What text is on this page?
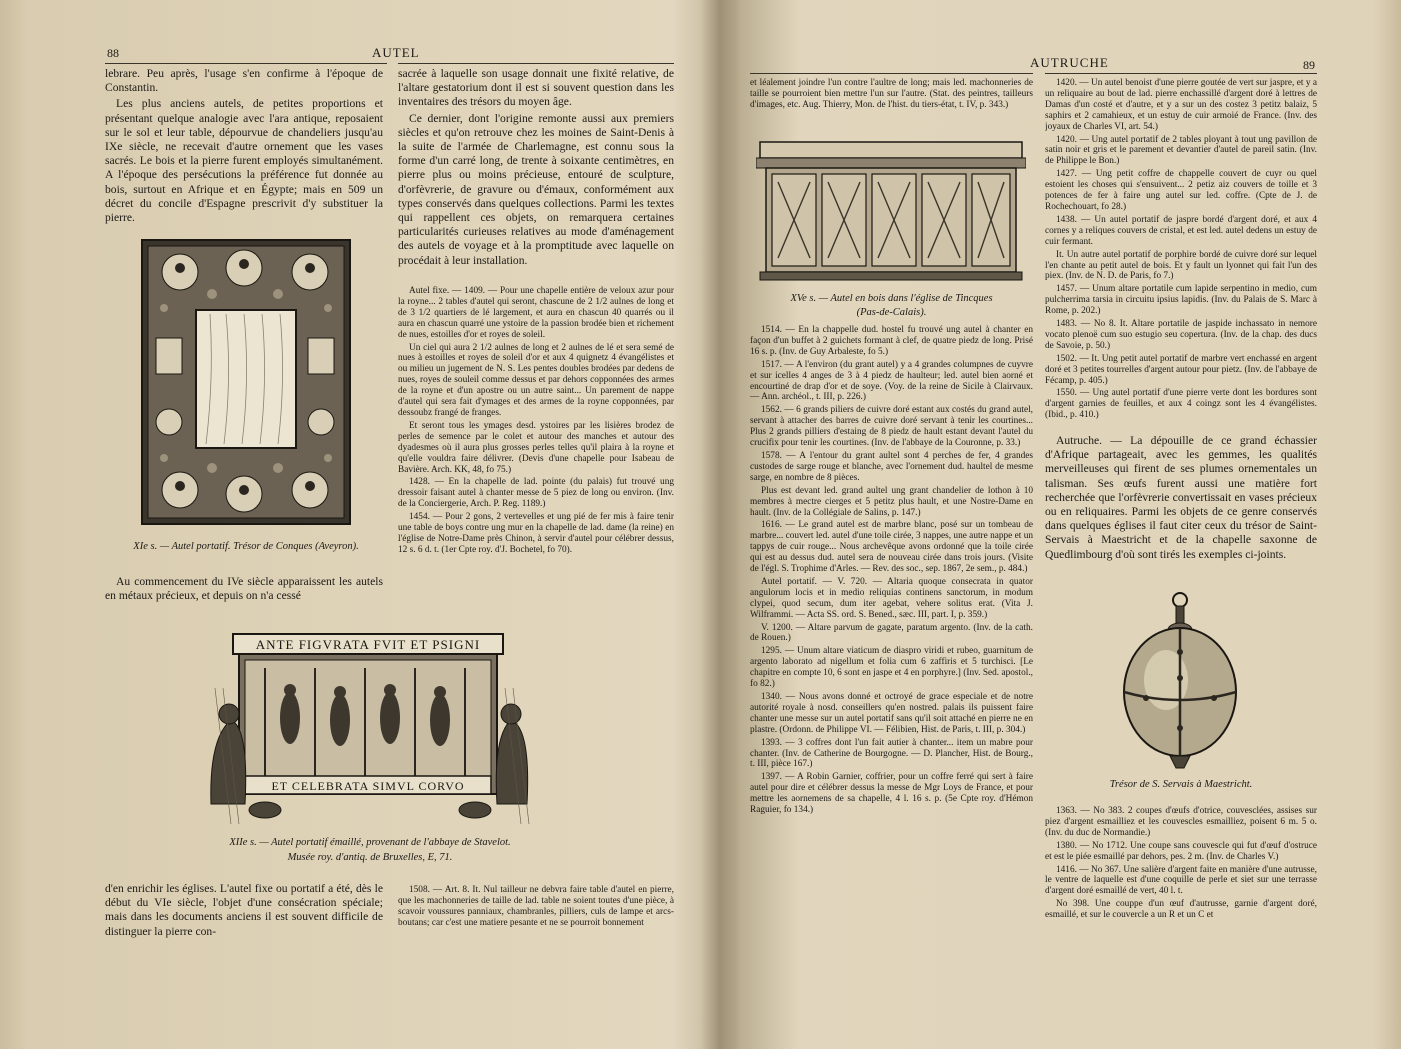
88	AUTEL

lebrare. Peu après, l'usage s'en confirme à l'époque de Constantin.

Les plus anciens autels, de petites proportions et présentant quelque analogie avec l'ara antique, reposaient sur le sol et leur table, dépourvue de chandeliers jusqu'au IXe siècle, ne recevait d'autre ornement que les vases sacrés. Le bois et la pierre furent employés simultanément. A l'époque des persécutions la préférence fut donnée au bois, surtout en Afrique et en Égypte; mais en 509 un décret du concile d'Espagne prescrivit d'y substituer la pierre.

XIe s. — Autel portatif. Trésor de Conques (Aveyron).

Au commencement du IVe siècle apparaissent les autels en métaux précieux, et depuis on n'a cessé

sacrée à laquelle son usage donnait une fixité relative, de l'altare gestatorium dont il est si souvent question dans les inventaires des trésors du moyen âge.

Ce dernier, dont l'origine remonte aussi aux premiers siècles et qu'on retrouve chez les moines de Saint-Denis à la suite de l'armée de Charlemagne, est connu sous la forme d'un carré long, de trente à soixante centimètres, en pierre plus ou moins précieuse, entouré de sculpture, d'orfèvrerie, de gravure ou d'émaux, conformément aux types conservés dans quelques collections. Parmi les textes qui rappellent ces objets, on remarquera certaines particularités curieuses relatives au mode d'aménagement des autels de voyage et à la promptitude avec laquelle on procédait à leur installation.

Autel fixe. — 1409. — Pour une chapelle entière de veloux azur pour la royne... 2 tables d'autel qui seront, chascune de 2 1/2 aulnes de long et de 3 1/2 quartiers de lé largement, et aura en chascun 40 quarrés ou il aura en chascun quarré une ystoire de la passion brodée bien et richement de nues, estoilles d'or et royes de soleil.

Un ciel qui aura 2 1/2 aulnes de long et 2 aulnes de lé et sera semé de nues à estoilles et royes de soleil d'or et aux 4 quignetz 4 évangélistes et ou milieu un jugement de N. S. Les pentes doubles brodées par dedens de nues, royes de souleil comme dessus et par dehors copponnées des armes de la royne et d'un apostre ou un autre saint... Un parement de nappe d'autel qui sera fait d'ymages et des armes de la royne copponnées, par dessoubz frangé de franges.

Et seront tous les ymages desd. ystoires par les lisières brodez de perles de semence par le colet et autour des manches et autour des dyadesmes où il aura plus grosses perles telles qu'il plaira à la royne et qu'elle vouldra faire délivrer. (Devis d'une chapelle pour Isabeau de Bavière. Arch. KK, 48, fo 75.)

1428. — En la chapelle de lad. pointe (du palais) fut trouvé ung dressoir faisant autel à chanter messe de 5 piez de long ou environ. (Inv. de la Conciergerie, Arch. P. Reg. 1189.)

1454. — Pour 2 gons, 2 vertevelles et ung pié de fer mis à faire tenir une table de boys contre ung mur en la chapelle de lad. dame (la reine) en l'église de Notre-Dame près Chinon, à servir d'autel pour célébrer dessus, 12 s. 6 d. t. (1er Cpte roy. d'J. Bochetel, fo 70).

ANTE FIGVRATA FVIT ET PSIGNI
ET CELEBRATA SIMVL CORVO
XIIe s. — Autel portatif émaillé, provenant de l'abbaye de Stavelot.
Musée roy. d'antiq. de Bruxelles, E, 71.

d'en enrichir les églises. L'autel fixe ou portatif a été, dès le début du VIe siècle, l'objet d'une consécration spéciale; mais dans les documents anciens il est souvent difficile de distinguer la pierre con-

1508. — Art. 8. It. Nul tailleur ne debvra faire table d'autel en pierre, que les machonneries de taille de lad. table ne soient toutes d'une pièce, à scavoir voussures panniaux, chambranles, pilliers, culs de lampe et arcs-boutans; car c'est une matiere pesante et ne se pourroit bonnement

AUTRUCHE	89

et léalement joindre l'un contre l'aultre de long; mais led. machonneries de taille se pourroient bien mettre l'un sur l'autre. (Stat. des peintres, tailleurs d'images, etc. Aug. Thierry, Mon. de l'hist. du tiers-état, t. IV, p. 343.)

XVe s. — Autel en bois dans l'église de Tincques
(Pas-de-Calais).

1514. — En la chappelle dud. hostel fu trouvé ung autel à chanter en façon d'un buffet à 2 guichets formant à clef, de quatre piedz de long. Prisé 16 s. p. (Inv. de Guy Arbaleste, fo 5.)

1517. — A l'environ (du grant autel) y a 4 grandes columpnes de cuyvre et sur icelles 4 anges de 3 à 4 piedz de haulteur; led. autel bien aorné et encourtiné de drap d'or et de soye. (Voy. de la reine de Sicile à Clairvaux. — Ann. archéol., t. III, p. 226.)

1562. — 6 grands piliers de cuivre doré estant aux costés du grand autel, servant à attacher des barres de cuivre doré servant à tenir les courtines... Plus 2 grands pilliers d'estaing de 8 piedz de hault estant devant l'autel du crucifix pour tenir les courtines. (Inv. de l'abbaye de la Couronne, p. 33.)

1578. — A l'entour du grant aultel sont 4 perches de fer, 4 grandes custodes de sarge rouge et blanche, avec l'ornement dud. haultel de mesme sarge, en nombre de 8 pièces.

Plus est devant led. grand aultel ung grant chandelier de lothon à 10 membres à mectre cierges et 5 petitz plus hault, et une Nostre-Dame en hault. (Inv. de la Collégiale de Salins, p. 147.)

1616. — Le grand autel est de marbre blanc, posé sur un tombeau de marbre... couvert led. autel d'une toile cirée, 3 nappes, une autre nappe et un tappys de cuir rouge... Nous archevêque avons ordonné que la toile cirée qui est au dessus dud. autel sera de nouveau cirée dans trois jours. (Visite de l'égl. S. Trophime d'Arles. — Rev. des soc., sep. 1867, 2e sem., p. 484.)

Autel portatif. — V. 720. — Altaria quoque consecrata in quator angulorum locis et in medio reliquias continens sanctorum, in modum clypei, quod secum, dum iter agebat, vehere solitus erat. (Vita J. Wilframmi. — Acta SS. ord. S. Bened., sæc. III, part. I, p. 359.)

V. 1200. — Altare parvum de gagate, paratum argento. (Inv. de la cath. de Rouen.)

1295. — Unum altare viaticum de diaspro viridi et rubeo, guarnitum de argento laborato ad nigellum et folia cum 6 zaffiris et 5 turchisci. [Le chapitre en compte 10, 6 sont en jaspe et 4 en porphyre.] (Inv. Sed. apostol., fo 82.)

1340. — Nous avons donné et octroyé de grace especiale et de notre autorité royale à nosd. conseillers qu'en nostred. palais ils puissent faire chanter une messe sur un autel portatif sans qu'il soit attaché en pierre ne en plastre. (Ordonn. de Philippe VI. — Félibien, Hist. de Paris, t. III, p. 304.)

1393. — 3 coffres dont l'un fait autier à chanter... item un mabre pour chanter. (Inv. de Catherine de Bourgogne. — D. Plancher, Hist. de Bourg., t. III, pièce 167.)

1397. — A Robin Garnier, coffrier, pour un coffre ferré qui sert à faire autel pour dire et célébrer dessus la messe de Mgr Loys de France, et pour mettre les aornemens de sa chapelle, 4 l. 16 s. p. (5e Cpte roy. d'Hémon Raguier, fo 134.)

1420. — Un autel benoist d'une pierre goutée de vert sur jaspre, et y a un reliquaire au bout de lad. pierre enchassillé d'argent doré à lettres de Damas d'un costé et d'autre, et y a sur un des costez 3 petitz balaiz, 5 saphirs et 2 camahieux, et un estuy de cuir armoié de France. (Inv. des joyaux de Charles VI, art. 54.)

1420. — Ung autel portatif de 2 tables ployant à tout ung pavillon de satin noir et gris et le parement et devantier d'autel de pareil satin. (Inv. de Philippe le Bon.)

1427. — Ung petit coffre de chappelle couvert de cuyr ou quel estoient les choses qui s'ensuivent... 2 petiz aiz couvers de toille et 3 potences de fer à faire ung autel sur led. coffre. (Cpte de J. de Rochechouart, fo 28.)

1438. — Un autel portatif de jaspre bordé d'argent doré, et aux 4 cornes y a reliques couvers de cristal, et est led. autel dedens un estuy de cuir fermant.

It. Un autre autel portatif de porphire bordé de cuivre doré sur lequel l'en chante au petit autel de bois. Et y fault un lyonnet qui fait l'un des piex. (Inv. de N. D. de Paris, fo 7.)

1457. — Unum altare portatile cum lapide serpentino in medio, cum pulcherrima tarsia in circuitu ipsius lapidis. (Inv. du Palais de S. Marc à Rome, p. 202.)

1483. — No 8. It. Altare portatile de jaspide inchassato in nemore vocato plenoë cum suo estugio seu copertura. (Inv. de la chap. des ducs de Savoie, p. 50.)

1502. — It. Ung petit autel portatif de marbre vert enchassé en argent doré et 3 petites tourrelles d'argent autour pour pietz. (Inv. de l'abbaye de Fécamp, p. 405.)

1550. — Ung autel portatif d'une pierre verte dont les bordures sont d'argent garnies de feuilles, et aux 4 coingz sont les 4 évangélistes. (Ibid., p. 410.)

Autruche. — La dépouille de ce grand échassier d'Afrique partageait, avec les gemmes, les qualités merveilleuses qui firent de ses plumes ornementales un talisman. Ses œufs furent aussi une matière fort recherchée que l'orfèvrerie convertissait en vases précieux ou en reliquaires. Parmi les objets de ce genre conservés dans quelques églises il faut citer ceux du trésor de Saint-Servais à Maestricht et de la chapelle saxonne de Quedlimbourg d'où sont tirés les exemples ci-joints.

Trésor de S. Servais à Maestricht.

1363. — No 383. 2 coupes d'œufs d'otrice, couvesclées, assises sur piez d'argent esmailliez et les couvescles esmailliez, poisent 6 m. 5 o. (Inv. du duc de Normandie.)

1380. — No 1712. Une coupe sans couvescle qui fut d'œuf d'ostruce et est le piée esmaillé par dehors, pes. 2 m. (Inv. de Charles V.)

1416. — No 367. Une salière d'argent faite en manière d'une autrusse, le ventre de laquelle est d'une coquille de perle et siet sur une terrasse d'argent doré esmaillé de vert, 40 l. t.

No 398. Une couppe d'un œuf d'autrusse, garnie d'argent doré, esmaillé, et sur le couvercle a un R et un C et
